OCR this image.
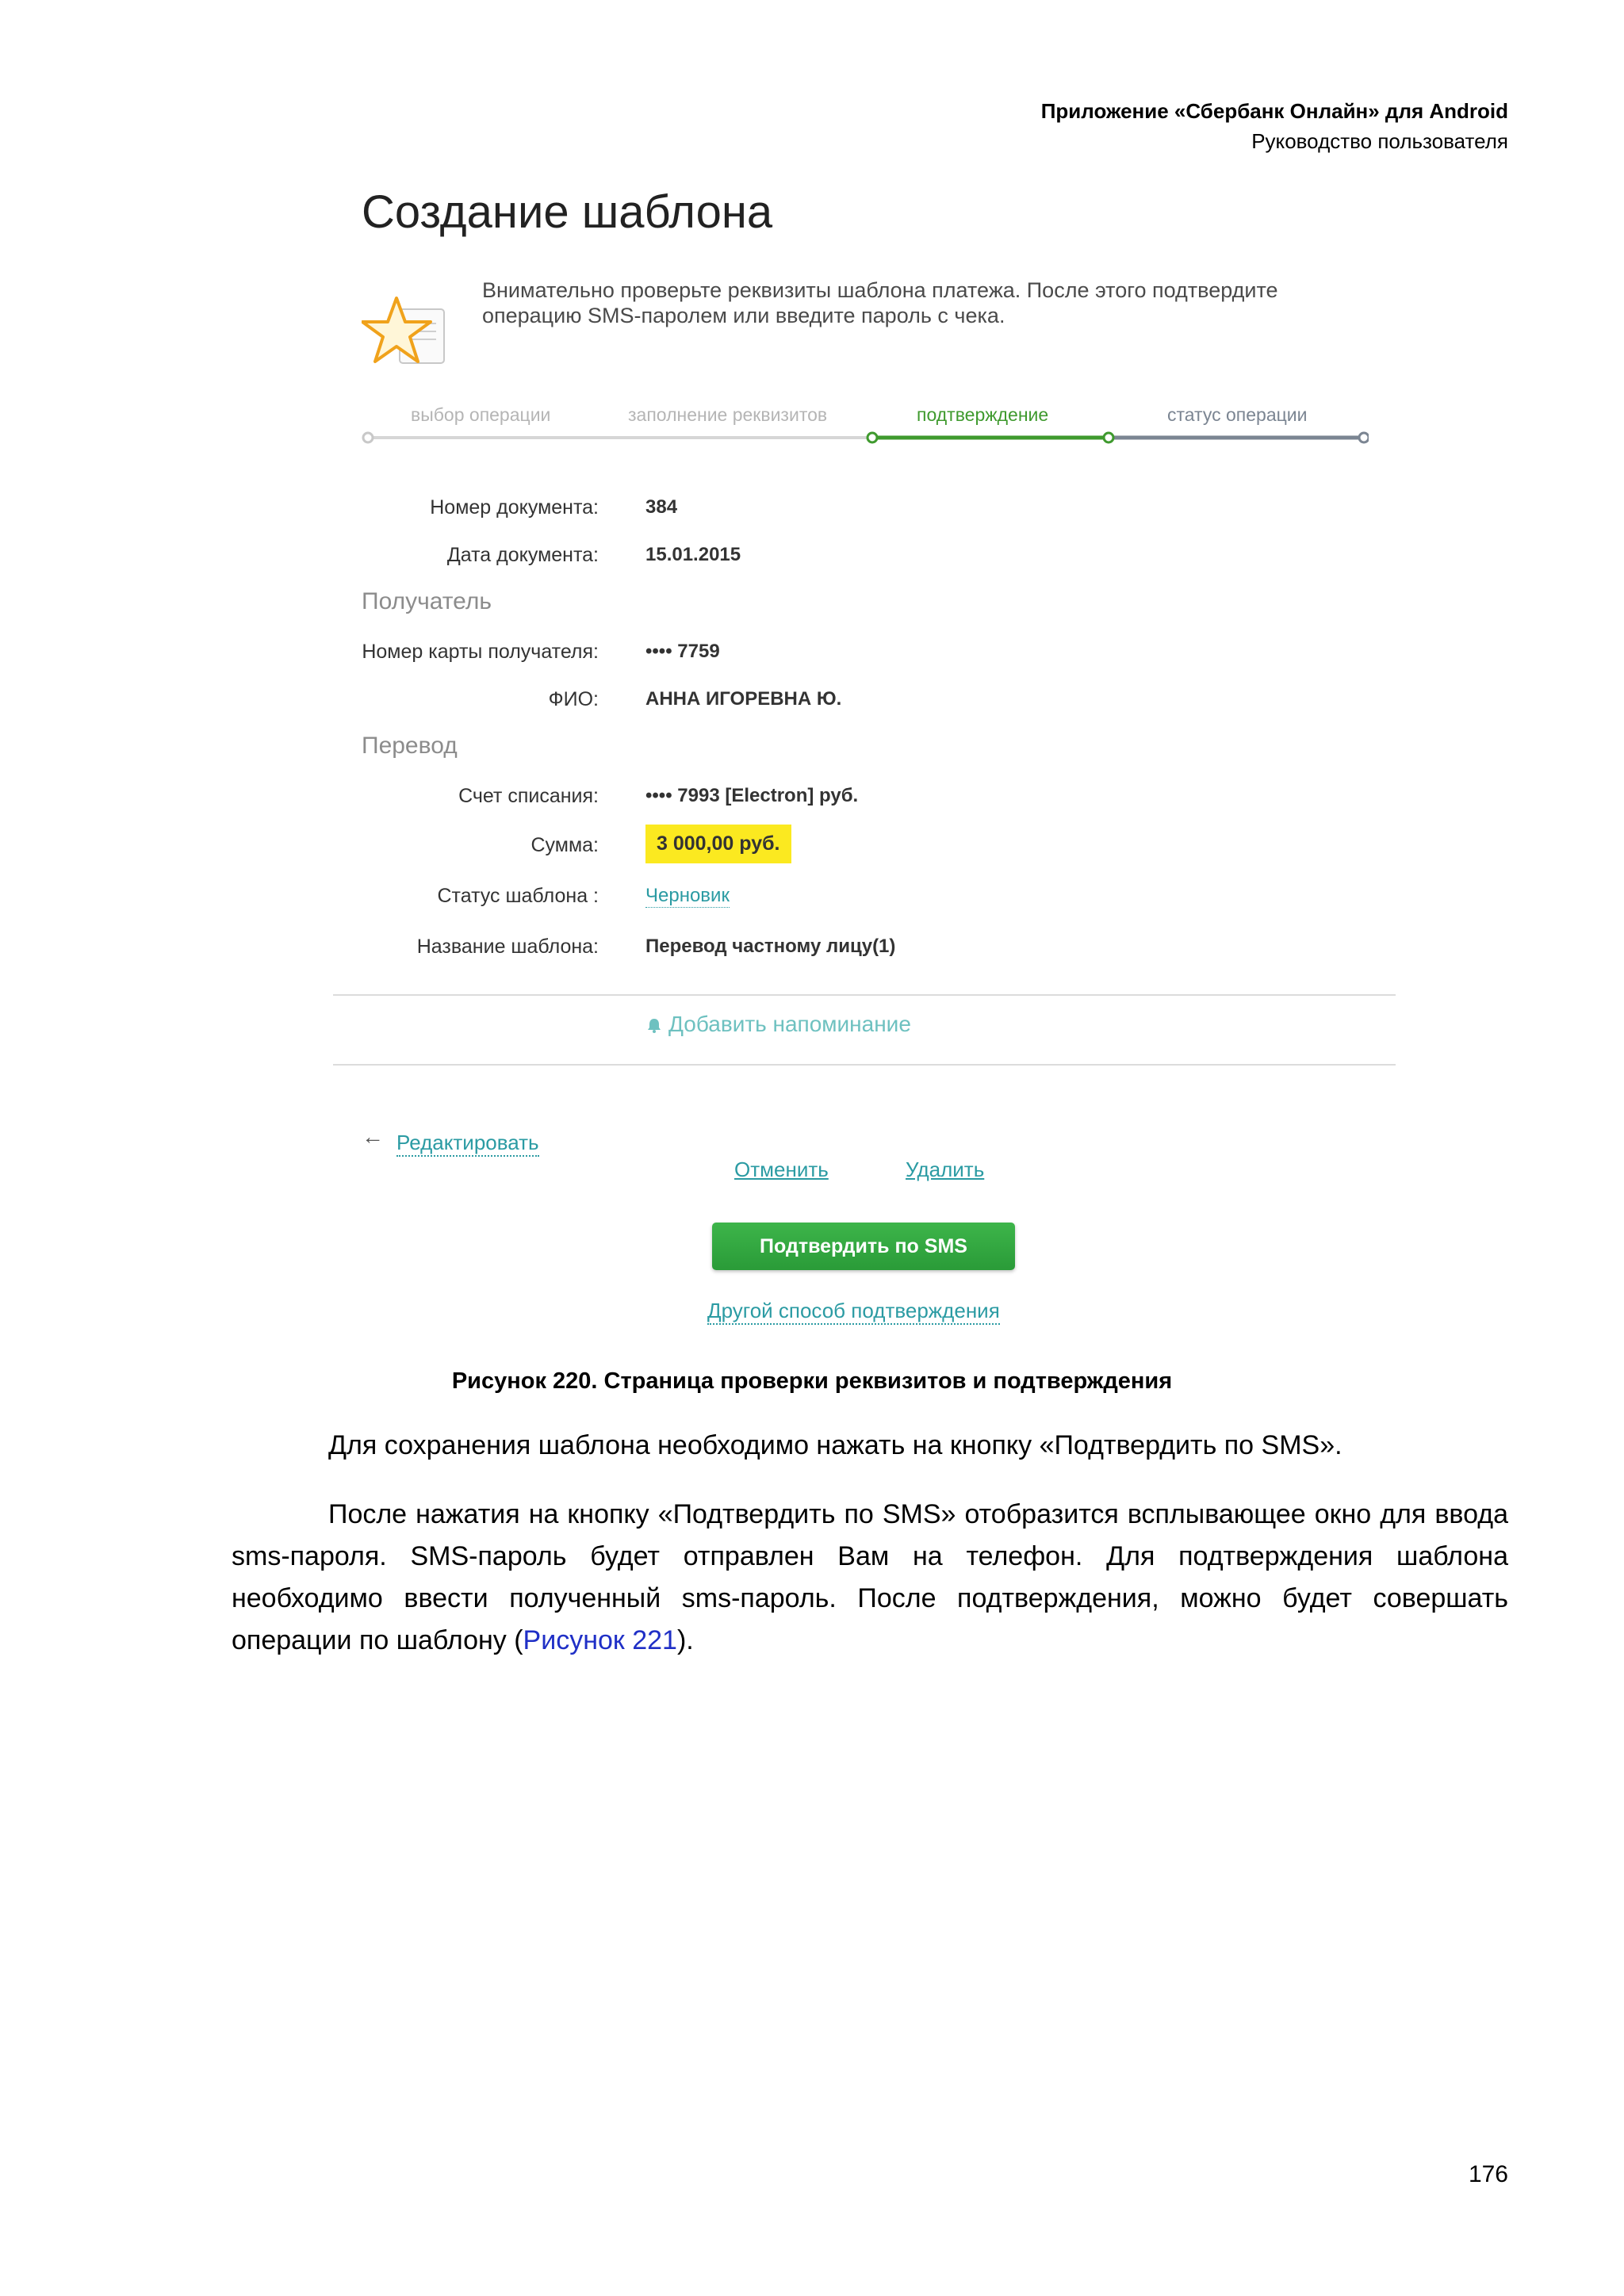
Приложение «Сбербанк Онлайн» для Android
Руководство пользователя
Создание шаблона
Внимательно проверьте реквизиты шаблона платежа. После этого подтвердите операцию SMS-паролем или введите пароль с чека.
выбор операции	заполнение реквизитов	подтверждение	статус операции
Номер документа: 384
Дата документа: 15.01.2015
Получатель
Номер карты получателя: •••• 7759
ФИО: АННА ИГОРЕВНА Ю.
Перевод
Счет списания: •••• 7993 [Electron] руб.
Сумма:	3 000,00 руб.
Статус шаблона : Черновик
Название шаблона: Перевод частному лицу(1)
Добавить напоминание
← Редактировать
Отменить	Удалить
Подтвердить по SMS
Другой способ подтверждения
Рисунок 220. Страница проверки реквизитов и подтверждения
Для сохранения шаблона необходимо нажать на кнопку «Подтвердить по SMS».
После нажатия на кнопку «Подтвердить по SMS» отобразится всплывающее окно для ввода sms-пароля. SMS-пароль будет отправлен Вам на телефон. Для подтверждения шаблона необходимо ввести полученный sms-пароль. После подтверждения, можно будет совершать операции по шаблону (Рисунок 221).
176
